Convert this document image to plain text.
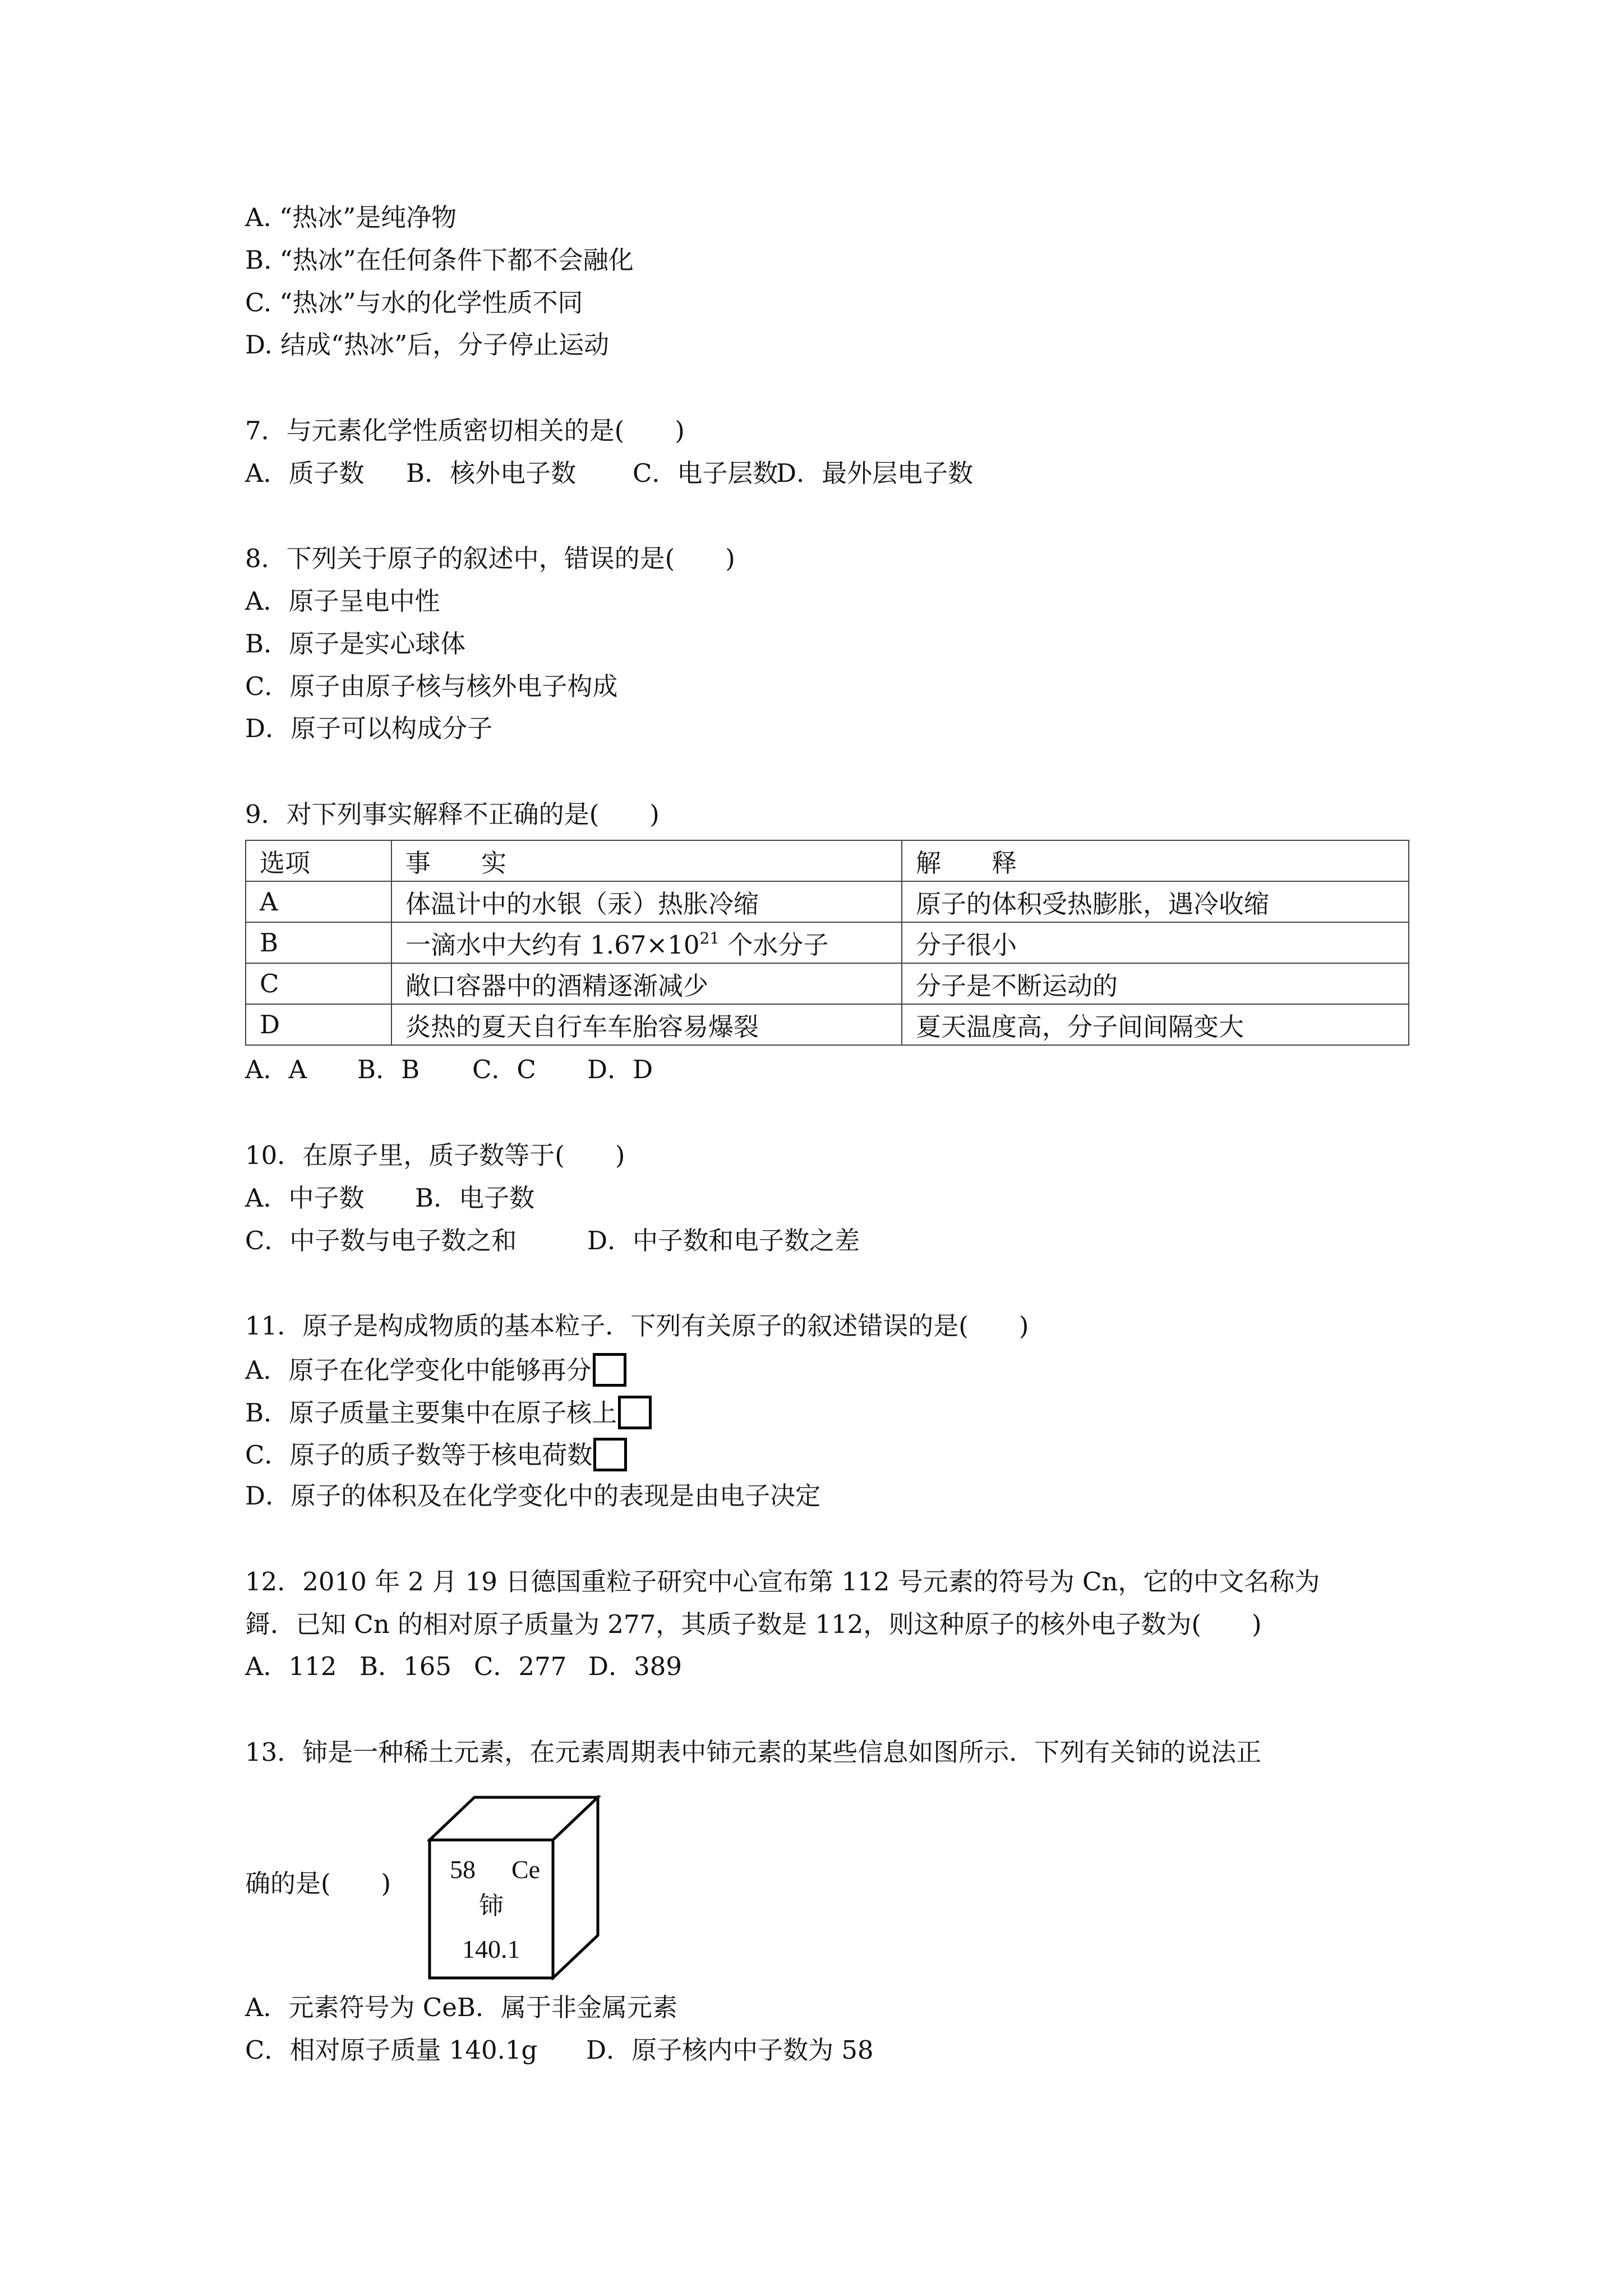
A. “热冰”是纯净物
B. “热冰”在任何条件下都不会融化
C. “热冰”与水的化学性质不同
D. 结成“热冰”后，分子停止运动
7．与元素化学性质密切相关的是(　　)
A．质子数 B．核外电子数 C．电子层数D．最外层电子数
8．下列关于原子的叙述中，错误的是(　　)
A．原子呈电中性
B．原子是实心球体
C．原子由原子核与核外电子构成
D．原子可以构成分子
9．对下列事实解释不正确的是(　　)
选项	事　　实	解　　释
A	体温计中的水银（汞）热胀冷缩	原子的体积受热膨胀，遇冷收缩
B	一滴水中大约有 $1.67\times 10^{21}$ 个水分子	分子很小
C	敞口容器中的酒精逐渐减少	分子是不断运动的
D	炎热的夏天自行车车胎容易爆裂	夏天温度高，分子间间隔变大
A．A B．B C．C D．D
10．在原子里，质子数等于(　　)
A．中子数 B．电子数
C．中子数与电子数之和	D．中子数和电子数之差
11．原子是构成物质的基本粒子．下列有关原子的叙述错误的是(　　)
A．原子在化学变化中能够再分
B．原子质量主要集中在原子核上
C．原子的质子数等于核电荷数
D．原子的体积及在化学变化中的表现是由电子决定
12．2010 年 2 月 19 日德国重粒子研究中心宣布第 112 号元素的符号为 Cn，它的中文名称为
鎶．已知 Cn 的相对原子质量为 277，其质子数是 112，则这种原子的核外电子数为(　　)
A．112 B．165 C．277 D．389
13．铈是一种稀土元素，在元素周期表中铈元素的某些信息如图所示．下列有关铈的说法正
确的是(　　) 58 Ce
铈
140.1
A．元素符号为 CeB．属于非金属元素
C．相对原子质量 140.1g D．原子核内中子数为 58
